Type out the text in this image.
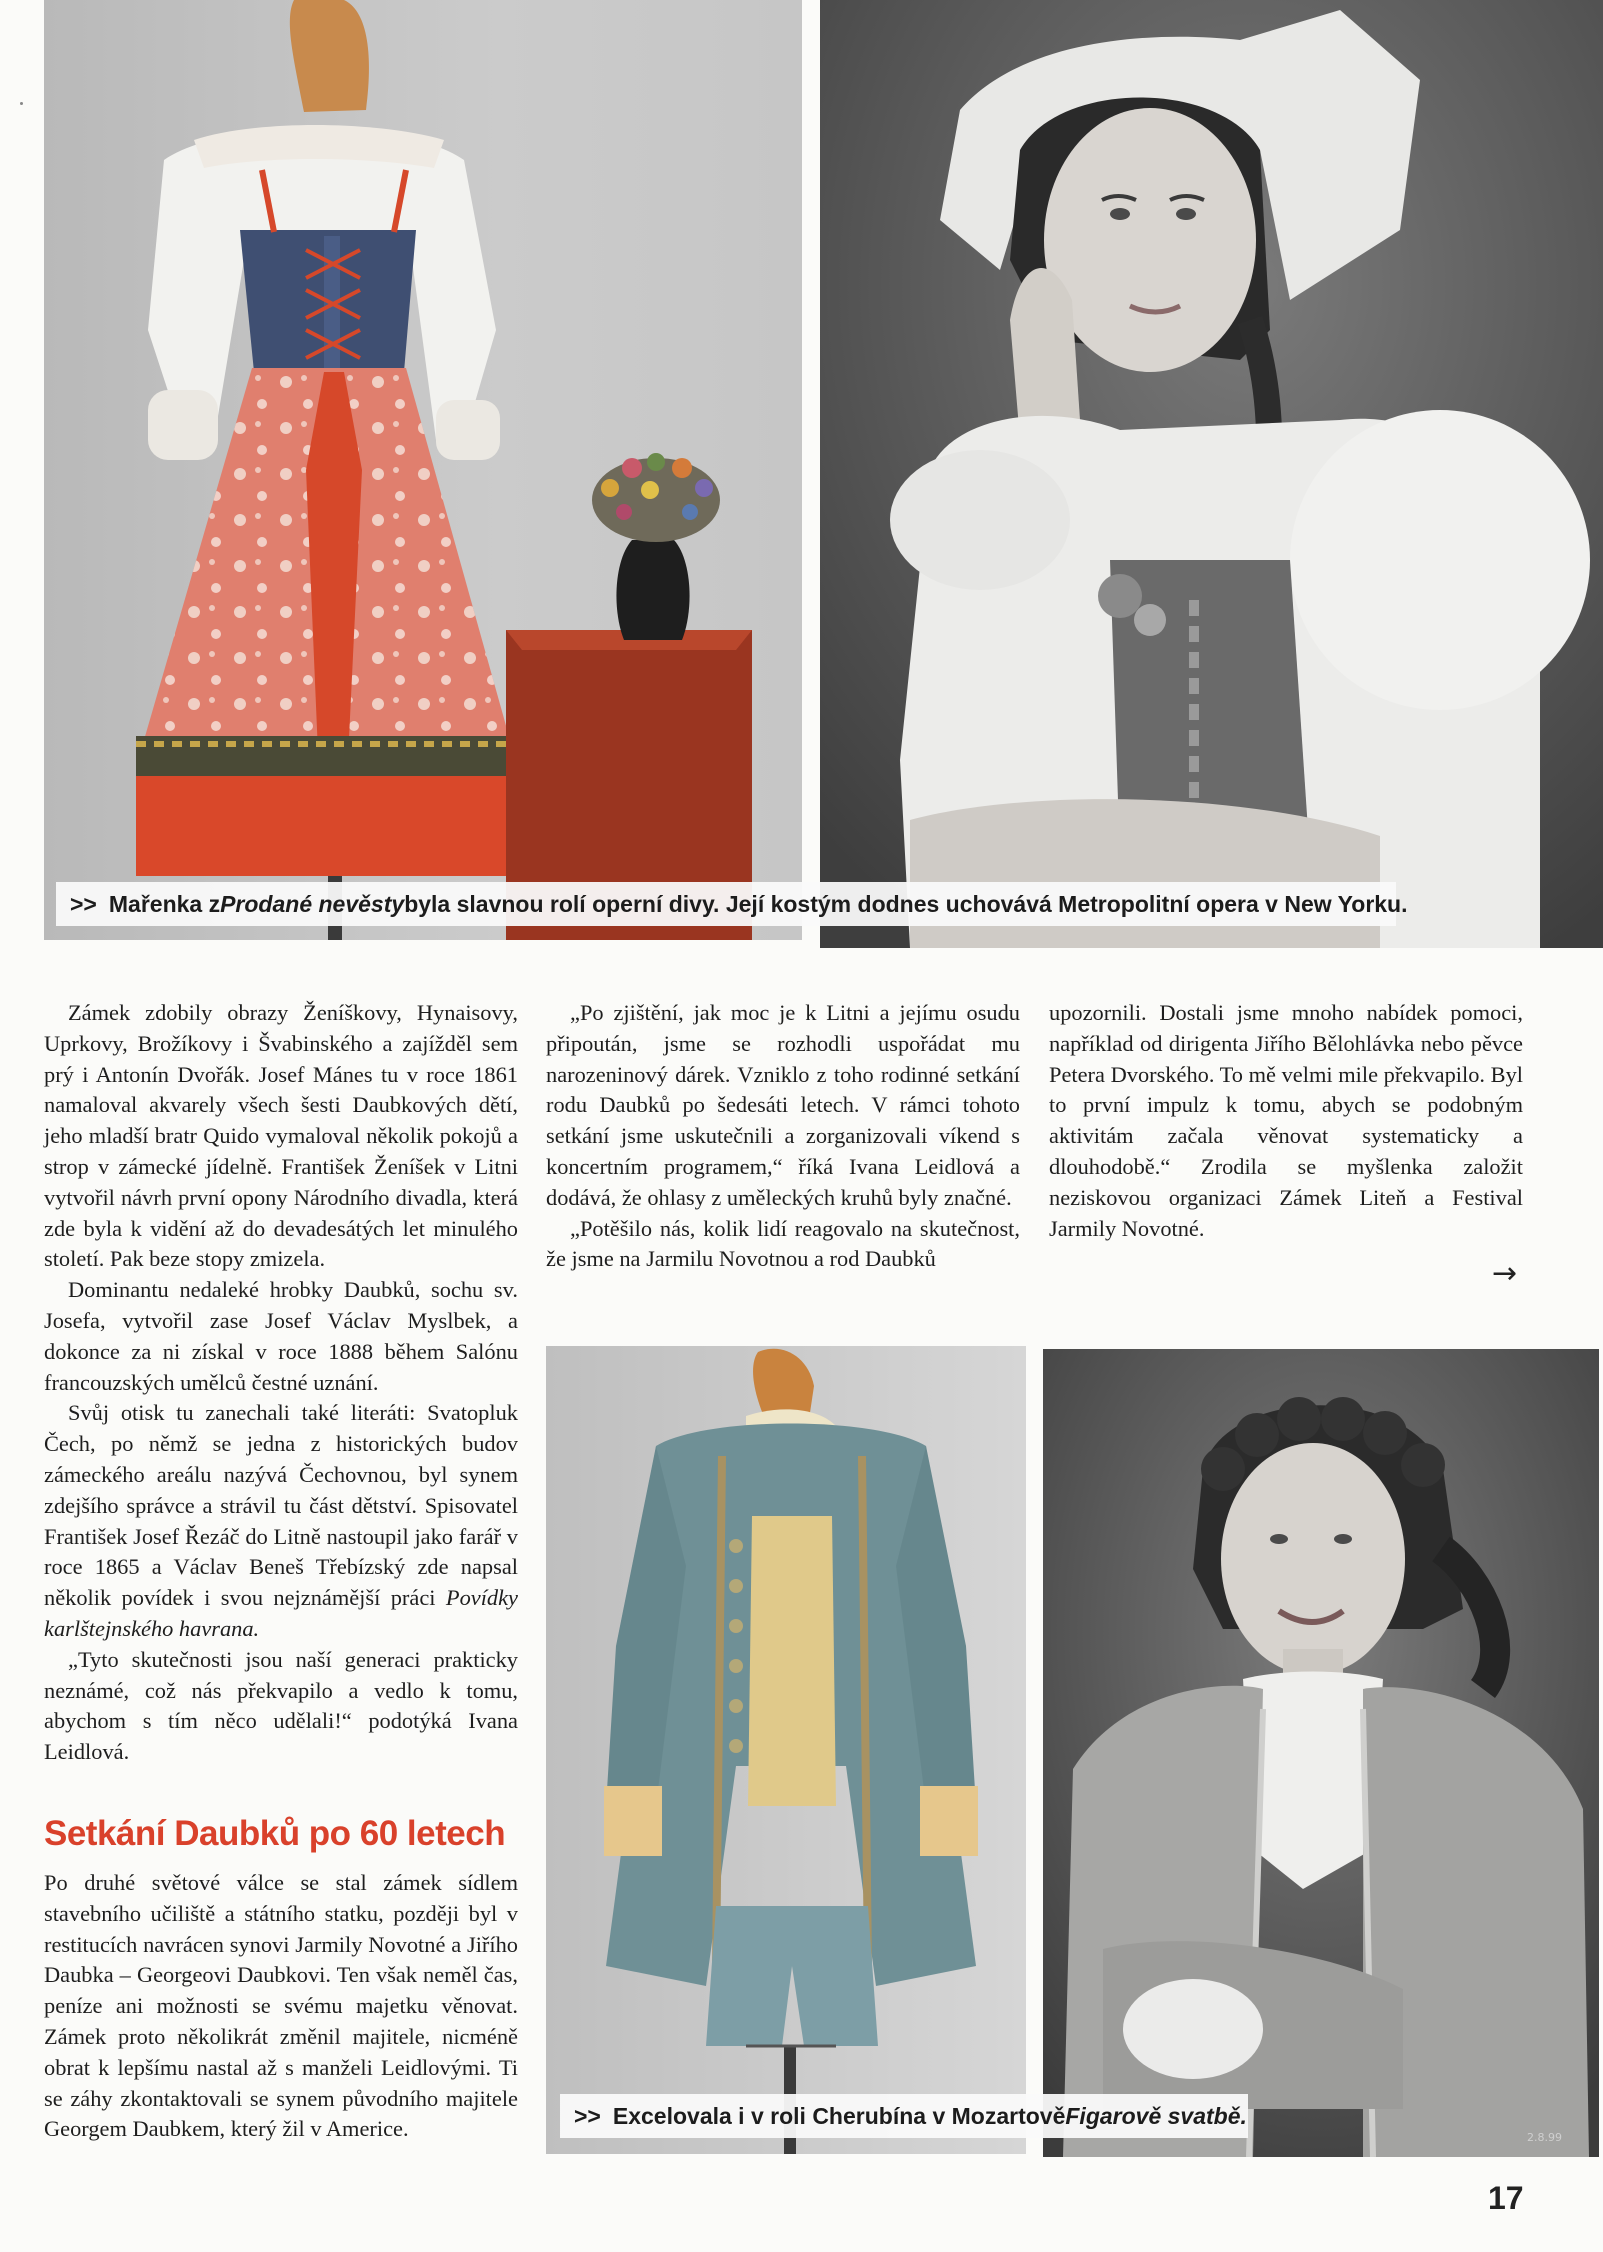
>> Mařenka z Prodané nevěsty byla slavnou rolí operní divy. Její kostým dodnes uchovává Metropolitní opera v New Yorku.

Zámek zdobily obrazy Ženíškovy, Hynaisovy, Uprkovy, Brožíkovy i Švabinského a zajížděl sem prý i Antonín Dvořák. Josef Mánes tu v roce 1861 namaloval akvarely všech šesti Daubkových dětí, jeho mladší bratr Quido vymaloval několik pokojů a strop v zámecké jídelně. František Ženíšek v Litni vytvořil návrh první opony Národního divadla, která zde byla k vidění až do devadesátých let minulého století. Pak beze stopy zmizela.

Dominantu nedaleké hrobky Daubků, sochu sv. Josefa, vytvořil zase Josef Václav Myslbek, a dokonce za ni získal v roce 1888 během Salónu francouzských umělců čestné uznání.

Svůj otisk tu zanechali také literáti: Svatopluk Čech, po němž se jedna z historických budov zámeckého areálu nazývá Čechovnou, byl synem zdejšího správce a strávil tu část dětství. Spisovatel František Josef Řezáč do Litně nastoupil jako farář v roce 1865 a Václav Beneš Třebízský zde napsal několik povídek i svou nejznámější práci Povídky karlštejnského havrana.

„Tyto skutečnosti jsou naší generaci prakticky neznámé, což nás překvapilo a vedlo k tomu, abychom s tím něco udělali!“ podotýká Ivana Leidlová.

Setkání Daubků po 60 letech

Po druhé světové válce se stal zámek sídlem stavebního učiliště a státního statku, později byl v restitucích navrácen synovi Jarmily Novotné a Jiřího Daubka – Georgeovi Daubkovi. Ten však neměl čas, peníze ani možnosti se svému majetku věnovat. Zámek proto několikrát změnil majitele, nicméně obrat k lepšímu nastal až s manželi Leidlovými. Ti se záhy zkontaktovali se synem původního majitele Georgem Daubkem, který žil v Americe.

„Po zjištění, jak moc je k Litni a jejímu osudu připoután, jsme se rozhodli uspořádat mu narozeninový dárek. Vzniklo z toho rodinné setkání rodu Daubků po šedesáti letech. V rámci tohoto setkání jsme uskutečnili a zorganizovali víkend s koncertním programem,“ říká Ivana Leidlová a dodává, že ohlasy z uměleckých kruhů byly značné.

„Potěšilo nás, kolik lidí reagovalo na skutečnost, že jsme na Jarmilu Novotnou a rod Daubků

upozornili. Dostali jsme mnoho nabídek pomoci, například od dirigenta Jiřího Bělohlávka nebo pěvce Petera Dvorského. To mě velmi mile překvapilo. Byl to první impulz k tomu, abych se podobným aktivitám začala věnovat systematicky a dlouhodobě.“ Zrodila se myšlenka založit neziskovou organizaci Zámek Liteň a Festival Jarmily Novotné.

→
2.8.99
>> Excelovala i v roli Cherubína v Mozartově Figarově svatbě.
17
